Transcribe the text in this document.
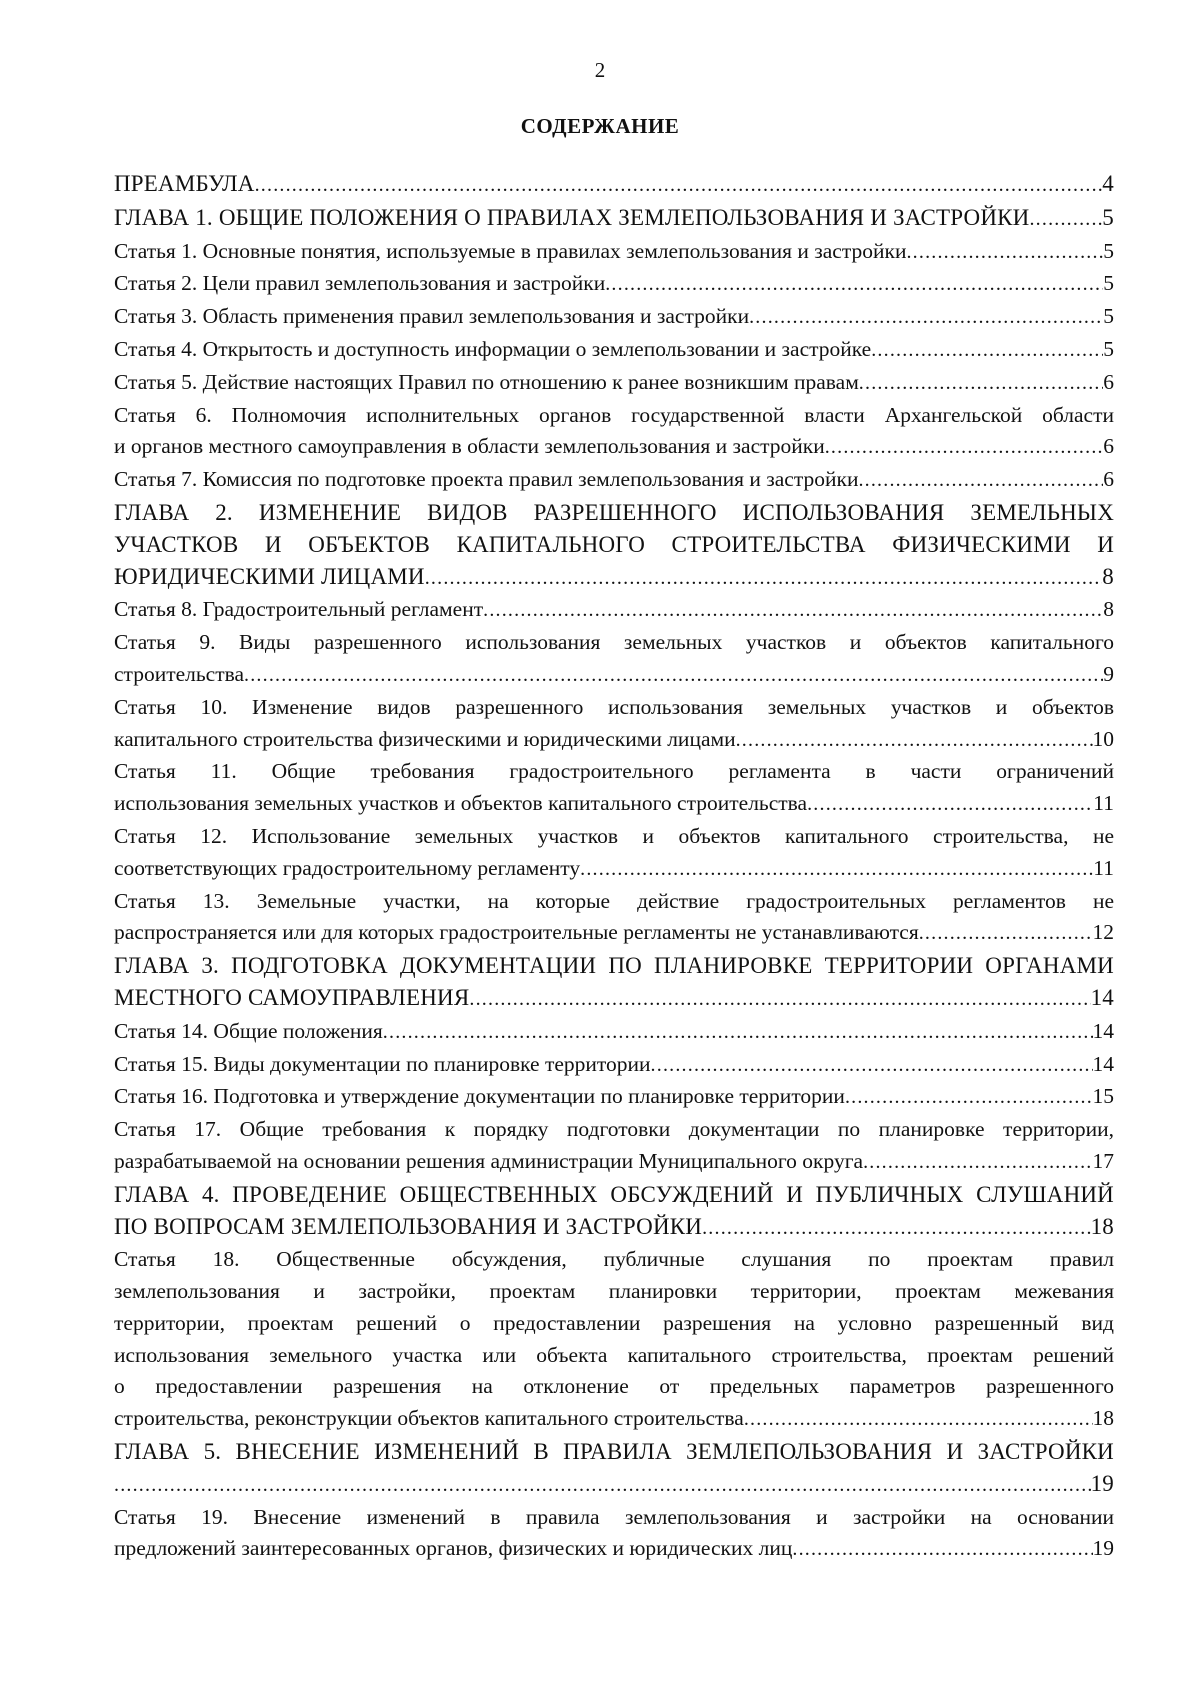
2
СОДЕРЖАНИЕ
ПРЕАМБУЛА .....	4
ГЛАВА 1. ОБЩИЕ ПОЛОЖЕНИЯ О ПРАВИЛАХ ЗЕМЛЕПОЛЬЗОВАНИЯ И ЗАСТРОЙКИ .....	5
Статья 1. Основные понятия, используемые в правилах землепользования и застройки .....	5
Статья 2. Цели правил землепользования и застройки .....	5
Статья 3. Область применения правил землепользования и застройки .....	5
Статья 4. Открытость и доступность информации о землепользовании и застройке .....	5
Статья 5. Действие настоящих Правил по отношению к ранее возникшим правам .....	6
Статья 6. Полномочия исполнительных органов государственной власти Архангельской области
и органов местного самоуправления в области землепользования и застройки .....	6
Статья 7. Комиссия по подготовке проекта правил землепользования и застройки .....	6
ГЛАВА 2. ИЗМЕНЕНИЕ ВИДОВ РАЗРЕШЕННОГО ИСПОЛЬЗОВАНИЯ ЗЕМЕЛЬНЫХ
УЧАСТКОВ И ОБЪЕКТОВ КАПИТАЛЬНОГО СТРОИТЕЛЬСТВА ФИЗИЧЕСКИМИ И
ЮРИДИЧЕСКИМИ ЛИЦАМИ .....	8
Статья 8. Градостроительный регламент .....	8
Статья 9. Виды разрешенного использования земельных участков и объектов капитального
строительства .....	9
Статья 10. Изменение видов разрешенного использования земельных участков и объектов
капитального строительства физическими и юридическими лицами .....	10
Статья 11. Общие требования градостроительного регламента в части ограничений
использования земельных участков и объектов капитального строительства .....	11
Статья 12. Использование земельных участков и объектов капитального строительства, не
соответствующих градостроительному регламенту .....	11
Статья 13. Земельные участки, на которые действие градостроительных регламентов не
распространяется или для которых градостроительные регламенты не устанавливаются .....	12
ГЛАВА 3. ПОДГОТОВКА ДОКУМЕНТАЦИИ ПО ПЛАНИРОВКЕ ТЕРРИТОРИИ ОРГАНАМИ
МЕСТНОГО САМОУПРАВЛЕНИЯ .....	14
Статья 14. Общие положения .....	14
Статья 15. Виды документации по планировке территории .....	14
Статья 16. Подготовка и утверждение документации по планировке территории .....	15
Статья 17. Общие требования к порядку подготовки документации по планировке территории,
разрабатываемой на основании решения администрации Муниципального округа .....	17
ГЛАВА 4. ПРОВЕДЕНИЕ ОБЩЕСТВЕННЫХ ОБСУЖДЕНИЙ И ПУБЛИЧНЫХ СЛУШАНИЙ
ПО ВОПРОСАМ ЗЕМЛЕПОЛЬЗОВАНИЯ И ЗАСТРОЙКИ .....	18
Статья 18. Общественные обсуждения, публичные слушания по проектам правил
землепользования и застройки, проектам планировки территории, проектам межевания
территории, проектам решений о предоставлении разрешения на условно разрешенный вид
использования земельного участка или объекта капитального строительства, проектам решений
о предоставлении разрешения на отклонение от предельных параметров разрешенного
строительства, реконструкции объектов капитального строительства .....	18
ГЛАВА 5. ВНЕСЕНИЕ ИЗМЕНЕНИЙ В ПРАВИЛА ЗЕМЛЕПОЛЬЗОВАНИЯ И ЗАСТРОЙКИ
.....
19
Статья 19. Внесение изменений в правила землепользования и застройки на основании
предложений заинтересованных органов, физических и юридических лиц .....	19
